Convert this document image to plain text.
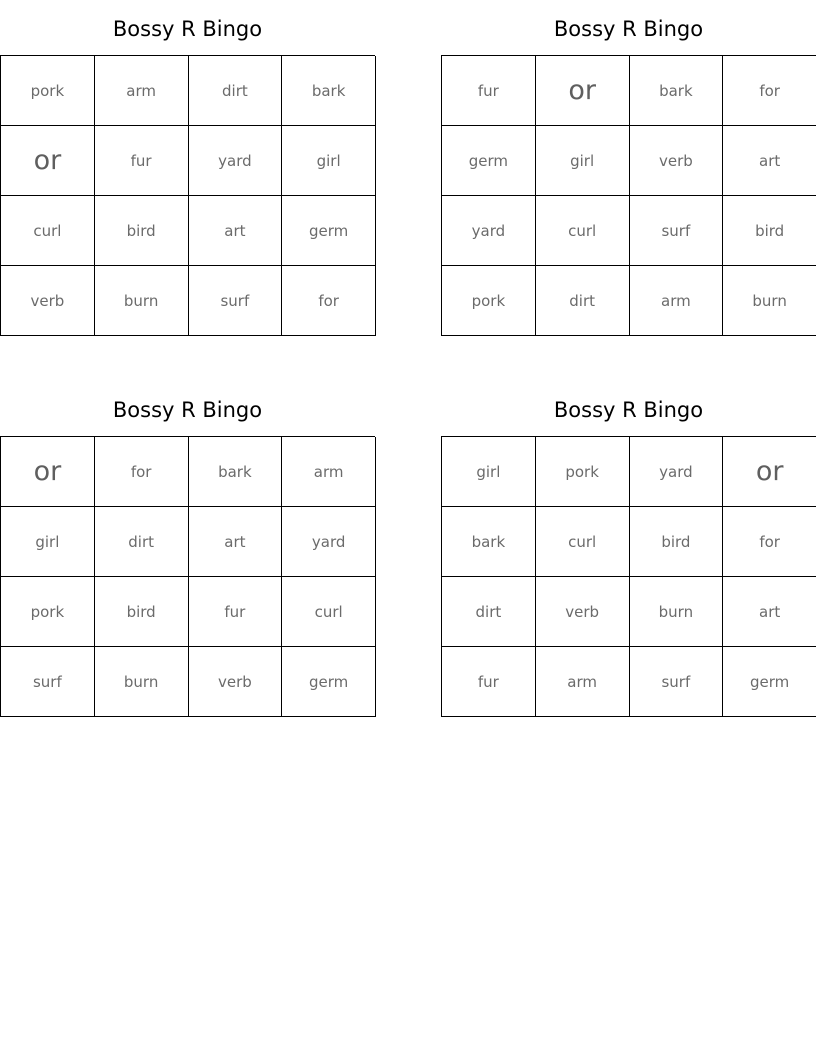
Bossy R Bingo
pork	arm	dirt	bark
or	fur	yard	girl
curl	bird	art	germ
verb	burn	surf	for
Bossy R Bingo
fur	or	bark	for
germ	girl	verb	art
yard	curl	surf	bird
pork	dirt	arm	burn
Bossy R Bingo
or	for	bark	arm
girl	dirt	art	yard
pork	bird	fur	curl
surf	burn	verb	germ
Bossy R Bingo
girl	pork	yard	or
bark	curl	bird	for
dirt	verb	burn	art
fur	arm	surf	germ
